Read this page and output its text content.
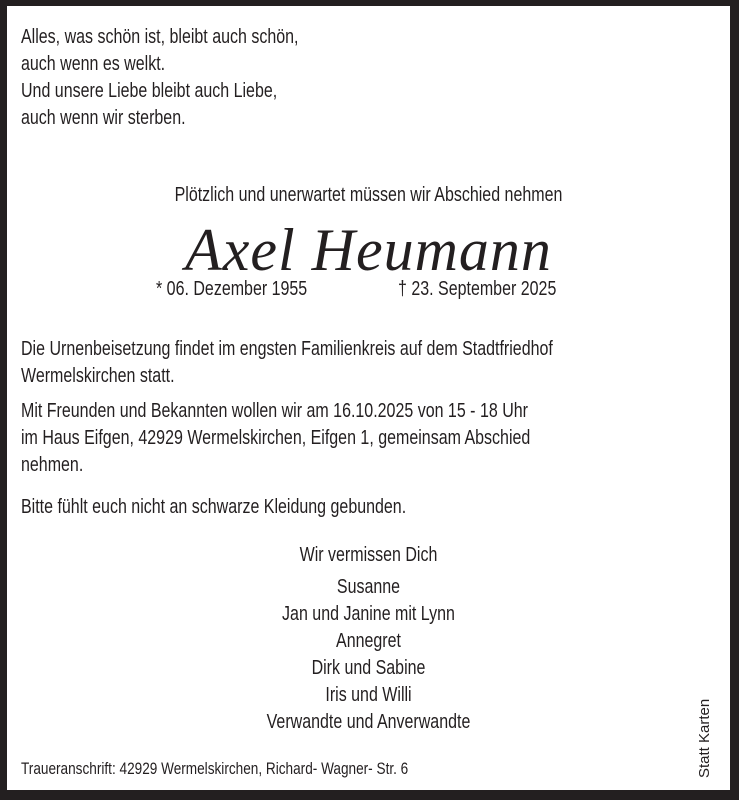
Alles, was schön ist, bleibt auch schön,
auch wenn es welkt.
Und unsere Liebe bleibt auch Liebe,
auch wenn wir sterben.
Plötzlich und unerwartet müssen wir Abschied nehmen
Axel Heumann
* 06. Dezember 1955	† 23. September 2025
Die Urnenbeisetzung findet im engsten Familienkreis auf dem Stadtfriedhof
Wermelskirchen statt.
Mit Freunden und Bekannten wollen wir am 16.10.2025 von 15 - 18 Uhr
im Haus Eifgen, 42929 Wermelskirchen, Eifgen 1, gemeinsam Abschied
nehmen.
Bitte fühlt euch nicht an schwarze Kleidung gebunden.
Wir vermissen Dich
Susanne
Jan und Janine mit Lynn
Annegret
Dirk und Sabine
Iris und Willi
Verwandte und Anverwandte
Traueranschrift: 42929 Wermelskirchen, Richard- Wagner- Str. 6	Statt Karten
